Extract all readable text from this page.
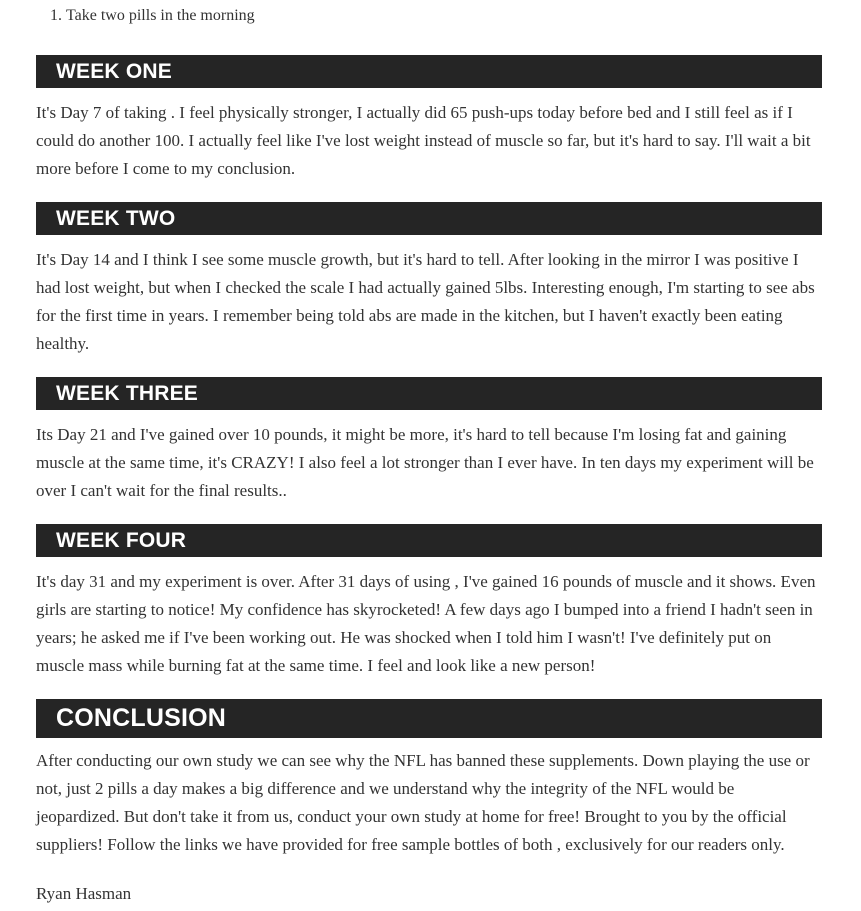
1. Take two pills in the morning
WEEK ONE

It's Day 7 of taking . I feel physically stronger, I actually did 65 push-ups today before bed and I still feel as if I could do another 100. I actually feel like I've lost weight instead of muscle so far, but it's hard to say. I'll wait a bit more before I come to my conclusion.

WEEK TWO

It's Day 14 and I think I see some muscle growth, but it's hard to tell. After looking in the mirror I was positive I had lost weight, but when I checked the scale I had actually gained 5lbs. Interesting enough, I'm starting to see abs for the first time in years. I remember being told abs are made in the kitchen, but I haven't exactly been eating healthy.

WEEK THREE

Its Day 21 and I've gained over 10 pounds, it might be more, it's hard to tell because I'm losing fat and gaining muscle at the same time, it's CRAZY! I also feel a lot stronger than I ever have. In ten days my experiment will be over I can't wait for the final results..

WEEK FOUR

It's day 31 and my experiment is over. After 31 days of using , I've gained 16 pounds of muscle and it shows. Even girls are starting to notice! My confidence has skyrocketed! A few days ago I bumped into a friend I hadn't seen in years; he asked me if I've been working out. He was shocked when I told him I wasn't! I've definitely put on muscle mass while burning fat at the same time. I feel and look like a new person!

CONCLUSION

After conducting our own study we can see why the NFL has banned these supplements. Down playing the use or not, just 2 pills a day makes a big difference and we understand why the integrity of the NFL would be jeopardized. But don't take it from us, conduct your own study at home for free! Brought to you by the official suppliers! Follow the links we have provided for free sample bottles of both , exclusively for our readers only.

Ryan Hasman
